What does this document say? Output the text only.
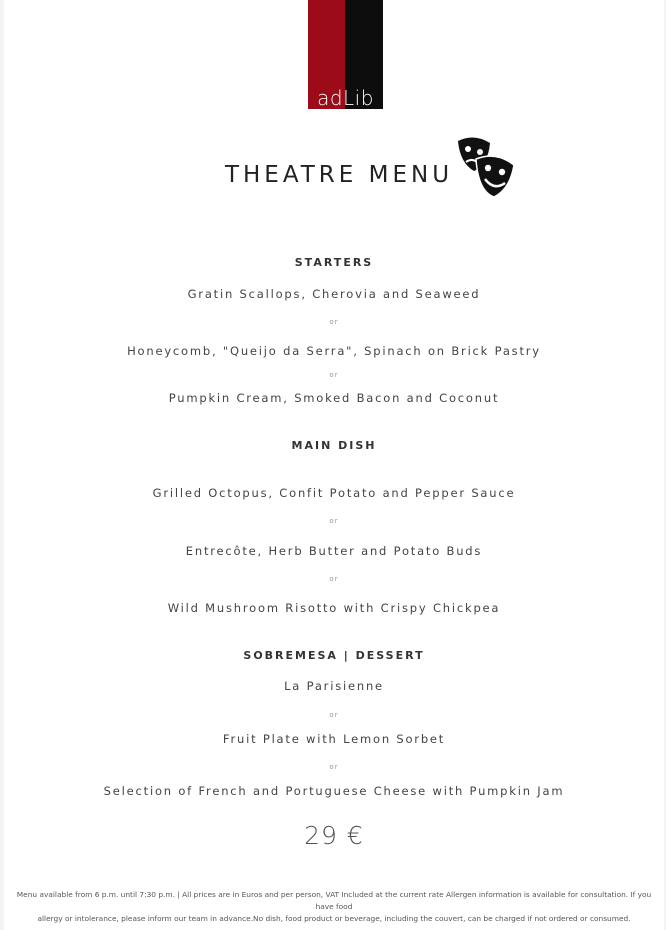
adLib
THEATRE MENU
STARTERS
Gratin Scallops, Cherovia and Seaweed
or
Honeycomb, "Queijo da Serra", Spinach on Brick Pastry
or
Pumpkin Cream, Smoked Bacon and Coconut
MAIN DISH
Grilled Octopus, Confit Potato and Pepper Sauce
or
Entrecôte, Herb Butter and Potato Buds
or
Wild Mushroom Risotto with Crispy Chickpea
SOBREMESA | DESSERT
La Parisienne
or
Fruit Plate with Lemon Sorbet
or
Selection of French and Portuguese Cheese with Pumpkin Jam
29 €
Menu available from 6 p.m. until 7:30 p.m. | All prices are in Euros and per person, VAT Included at the current rate Allergen information is available for consultation. If you have food
allergy or intolerance, please inform our team in advance.No dish, food product or beverage, including the couvert, can be charged if not ordered or consumed.
